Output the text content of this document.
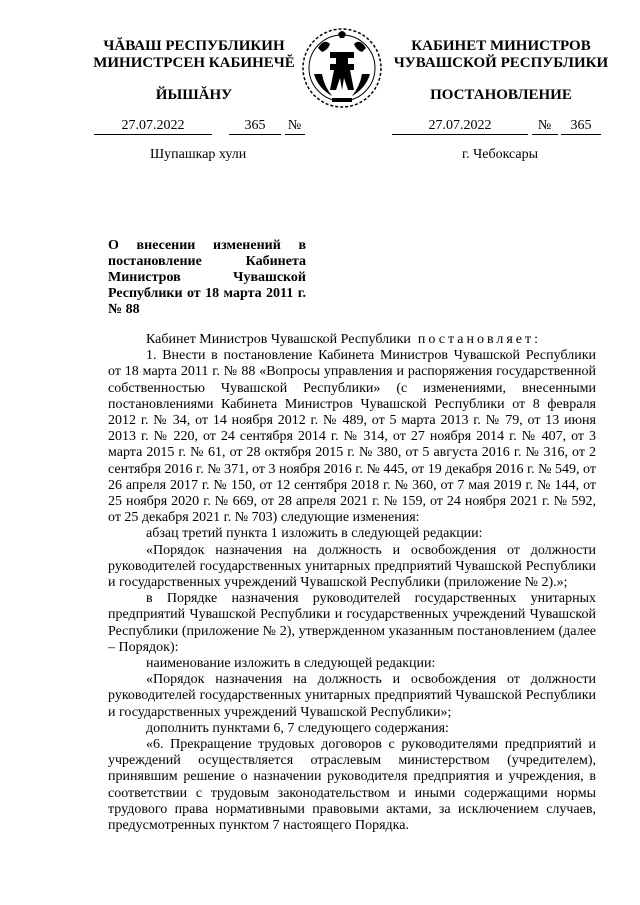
ЧĂВАШ РЕСПУБЛИКИН
МИНИСТРСЕН КАБИНЕЧĔ
ЙЫШĂНУ
КАБИНЕТ МИНИСТРОВ
ЧУВАШСКОЙ РЕСПУБЛИКИ
ПОСТАНОВЛЕНИЕ
27.07.2022	365 №	27.07.2022	№ 365
Шупашкар хули	г. Чебоксары
О внесении изменений в постановление Кабинета Министров Чувашской Республики от 18 марта 2011 г. № 88

Кабинет Министров Чувашской Республики постановляет:

1. Внести в постановление Кабинета Министров Чувашской Республики от 18 марта 2011 г. № 88 «Вопросы управления и распоряжения государственной собственностью Чувашской Республики» (с изменениями, внесенными постановлениями Кабинета Министров Чувашской Республики от 8 февраля 2012 г. № 34, от 14 ноября 2012 г. № 489, от 5 марта 2013 г. № 79, от 13 июня 2013 г. № 220, от 24 сентября 2014 г. № 314, от 27 ноября 2014 г. № 407, от 3 марта 2015 г. № 61, от 28 октября 2015 г. № 380, от 5 августа 2016 г. № 316, от 2 сентября 2016 г. № 371, от 3 ноября 2016 г. № 445, от 19 декабря 2016 г. № 549, от 26 апреля 2017 г. № 150, от 12 сентября 2018 г. № 360, от 7 мая 2019 г. № 144, от 25 ноября 2020 г. № 669, от 28 апреля 2021 г. № 159, от 24 ноября 2021 г. № 592, от 25 декабря 2021 г. № 703) следующие изменения:

абзац третий пункта 1 изложить в следующей редакции:

«Порядок назначения на должность и освобождения от должности руководителей государственных унитарных предприятий Чувашской Республики и государственных учреждений Чувашской Республики (приложение № 2).»;

в Порядке назначения руководителей государственных унитарных предприятий Чувашской Республики и государственных учреждений Чувашской Республики (приложение № 2), утвержденном указанным постановлением (далее – Порядок):

наименование изложить в следующей редакции:

«Порядок назначения на должность и освобождения от должности руководителей государственных унитарных предприятий Чувашской Республики и государственных учреждений Чувашской Республики»;

дополнить пунктами 6, 7 следующего содержания:

«6. Прекращение трудовых договоров с руководителями предприятий и учреждений осуществляется отраслевым министерством (учредителем), принявшим решение о назначении руководителя предприятия и учреждения, в соответствии с трудовым законодательством и иными содержащими нормы трудового права нормативными правовыми актами, за исключением случаев, предусмотренных пунктом 7 настоящего Порядка.
